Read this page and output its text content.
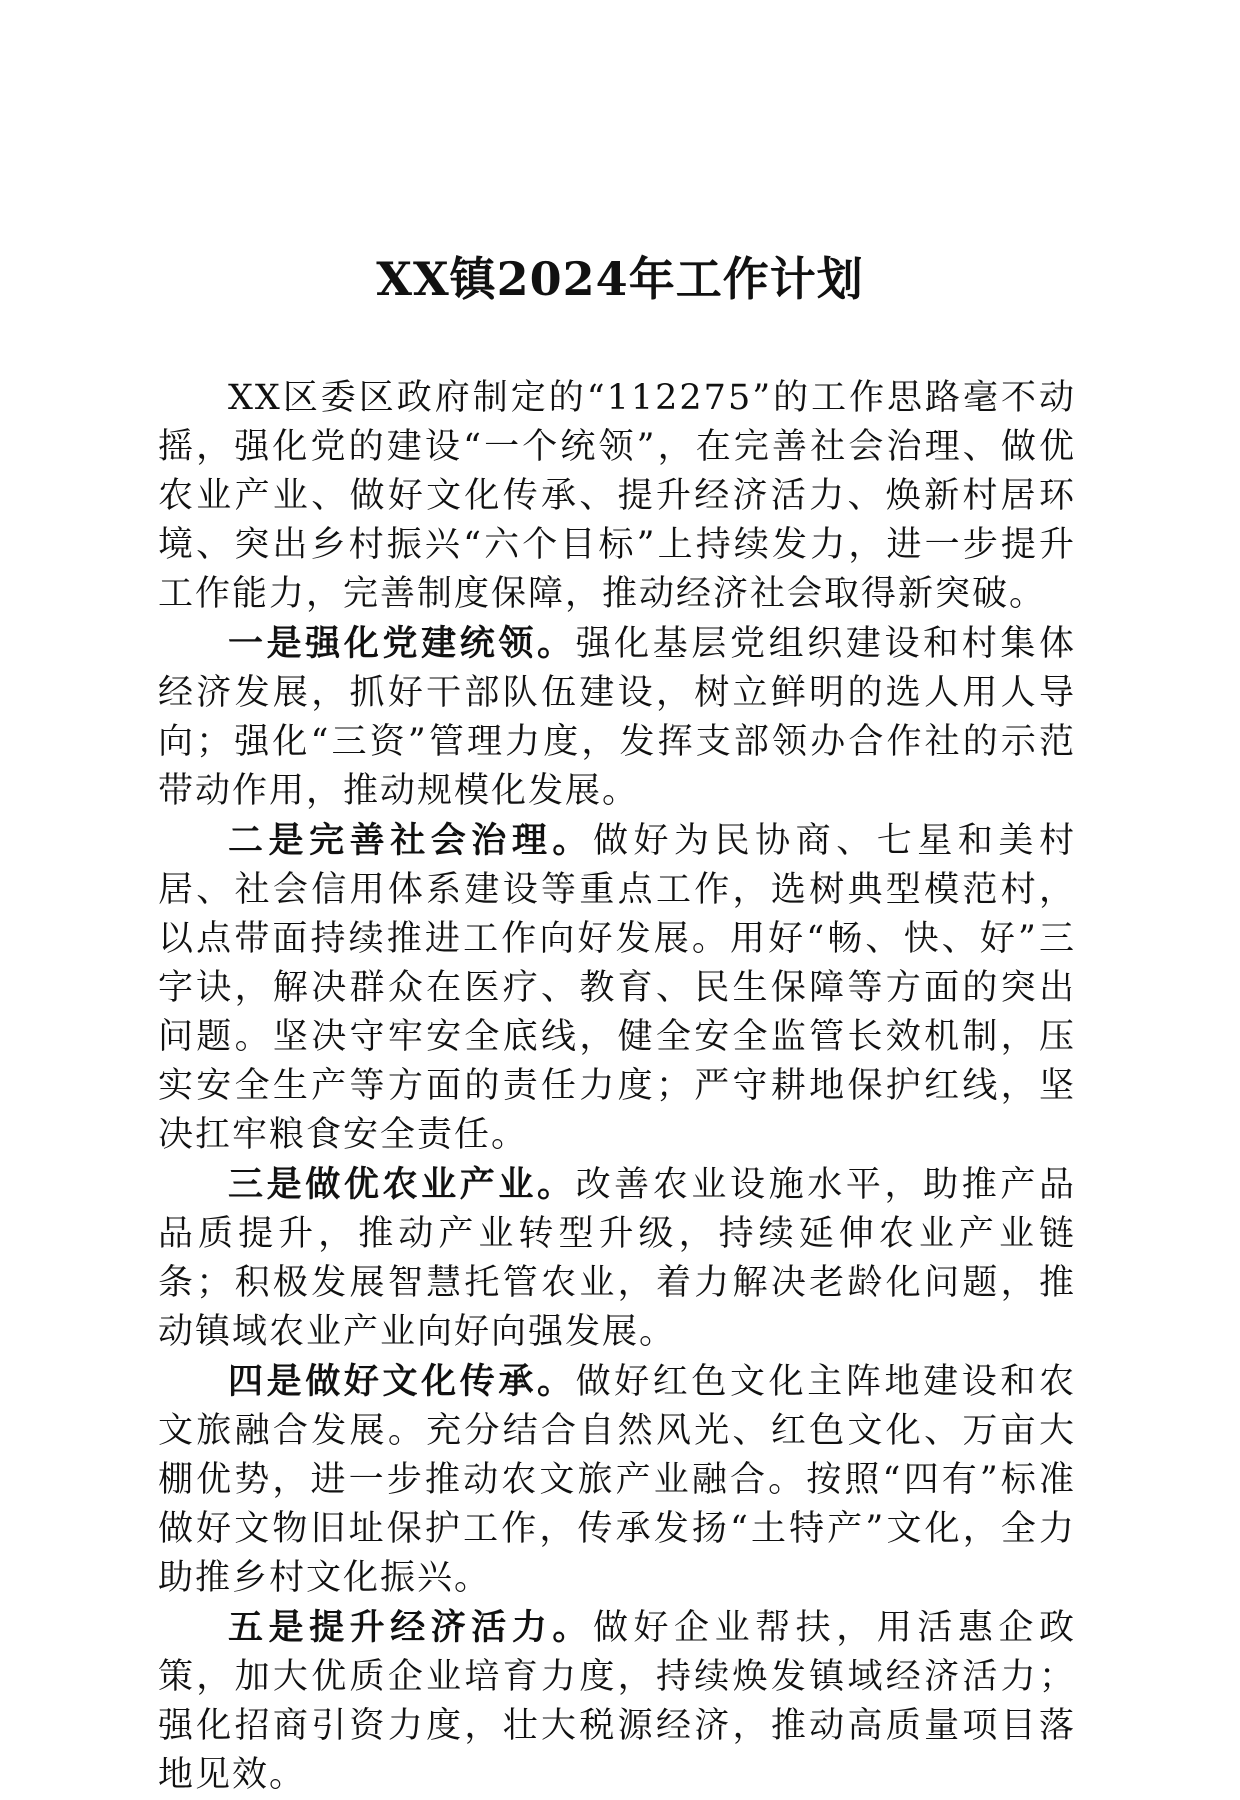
XX镇2024年工作计划

XX区委区政府制定的“112275”的工作思路毫不动摇，强化党的建设“一个统领”，在完善社会治理、做优农业产业、做好文化传承、提升经济活力、焕新村居环境、突出乡村振兴“六个目标”上持续发力，进一步提升工作能力，完善制度保障，推动经济社会取得新突破。

一是强化党建统领。强化基层党组织建设和村集体经济发展，抓好干部队伍建设，树立鲜明的选人用人导向；强化“三资”管理力度，发挥支部领办合作社的示范带动作用，推动规模化发展。

二是完善社会治理。做好为民协商、七星和美村居、社会信用体系建设等重点工作，选树典型模范村，以点带面持续推进工作向好发展。用好“畅、快、好”三字诀，解决群众在医疗、教育、民生保障等方面的突出问题。坚决守牢安全底线，健全安全监管长效机制，压实安全生产等方面的责任力度；严守耕地保护红线，坚决扛牢粮食安全责任。

三是做优农业产业。改善农业设施水平，助推产品品质提升，推动产业转型升级，持续延伸农业产业链条；积极发展智慧托管农业，着力解决老龄化问题，推动镇域农业产业向好向强发展。

四是做好文化传承。做好红色文化主阵地建设和农文旅融合发展。充分结合自然风光、红色文化、万亩大棚优势，进一步推动农文旅产业融合。按照“四有”标准做好文物旧址保护工作，传承发扬“土特产”文化，全力助推乡村文化振兴。

五是提升经济活力。做好企业帮扶，用活惠企政策，加大优质企业培育力度，持续焕发镇域经济活力；强化招商引资力度，壮大税源经济，推动高质量项目落地见效。
